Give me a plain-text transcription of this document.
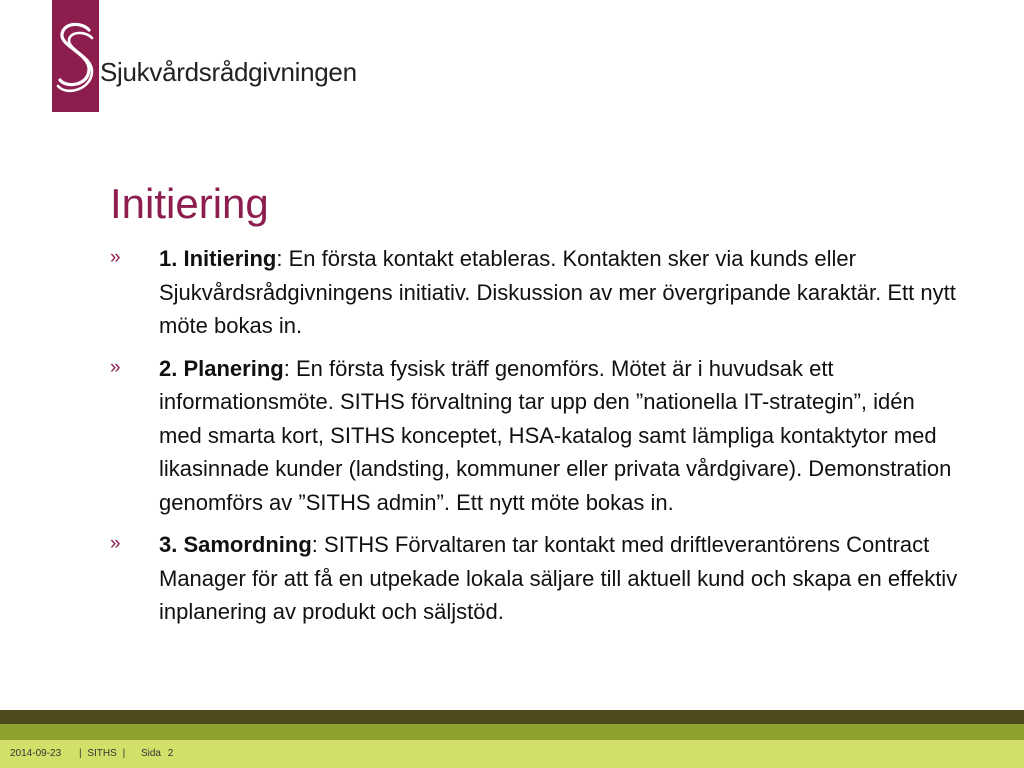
Sjukvårdsrådgivningen
Initiering
» 1. Initiering: En första kontakt etableras. Kontakten sker via kunds eller Sjukvårdsrådgivningens initiativ. Diskussion av mer övergripande karaktär. Ett nytt möte bokas in.
» 2. Planering: En första fysisk träff genomförs. Mötet är i huvudsak ett informationsmöte. SITHS förvaltning tar upp den ”nationella IT-strategin”, idén med smarta kort, SITHS konceptet, HSA-katalog samt lämpliga kontaktytor med likasinnade kunder (landsting, kommuner eller privata vårdgivare). Demonstration genomförs av ”SITHS admin”. Ett nytt möte bokas in.
» 3. Samordning: SITHS Förvaltaren tar kontakt med driftleverantörens Contract Manager för att få en utpekade lokala säljare till aktuell kund och skapa en effektiv inplanering av produkt och säljstöd.
2014-09-23 | SITHS | Sida 2
